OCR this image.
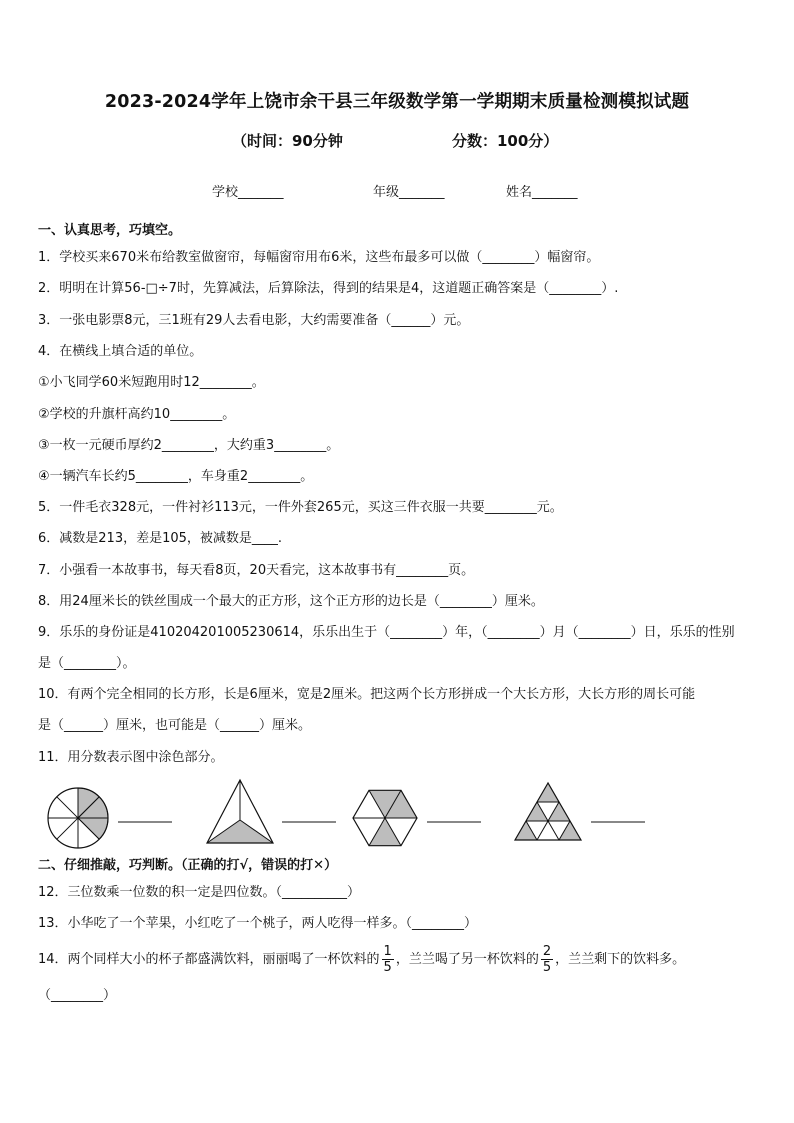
2023-2024学年上饶市余干县三年级数学第一学期期末质量检测模拟试题
（时间：90分钟	分数：100分）
学校_______	年级_______	姓名_______
一、认真思考，巧填空。
1．学校买来670米布给教室做窗帘，每幅窗帘用布6米，这些布最多可以做（________）幅窗帘。
2．明明在计算56-□÷7时，先算减法，后算除法，得到的结果是4，这道题正确答案是（________）.
3．一张电影票8元，三1班有29人去看电影，大约需要准备（______）元。
4．在横线上填合适的单位。
①小飞同学60米短跑用时12________。
②学校的升旗杆高约10________。
③一枚一元硬币厚约2________，大约重3________。
④一辆汽车长约5________，车身重2________。
5．一件毛衣328元，一件衬衫113元，一件外套265元，买这三件衣服一共要________元。
6．减数是213，差是105，被减数是____.
7．小强看一本故事书，每天看8页，20天看完，这本故事书有________页。
8．用24厘米长的铁丝围成一个最大的正方形，这个正方形的边长是（________）厘米。
9．乐乐的身份证是410204201005230614，乐乐出生于（________）年，（________）月（________）日，乐乐的性别
是（________）。
10．有两个完全相同的长方形，长是6厘米，宽是2厘米。把这两个长方形拼成一个大长方形，大长方形的周长可能
是（______）厘米，也可能是（______）厘米。
11．用分数表示图中涂色部分。
二、仔细推敲，巧判断。（正确的打√，错误的打✕）
12．三位数乘一位数的积一定是四位数。（__________）
13．小华吃了一个苹果，小红吃了一个桃子，两人吃得一样多。（________）
14．两个同样大小的杯子都盛满饮料，丽丽喝了一杯饮料的 $\frac{1}{5}$ ，兰兰喝了另一杯饮料的 $\frac{2}{5}$ ，兰兰剩下的饮料多。
（________）
